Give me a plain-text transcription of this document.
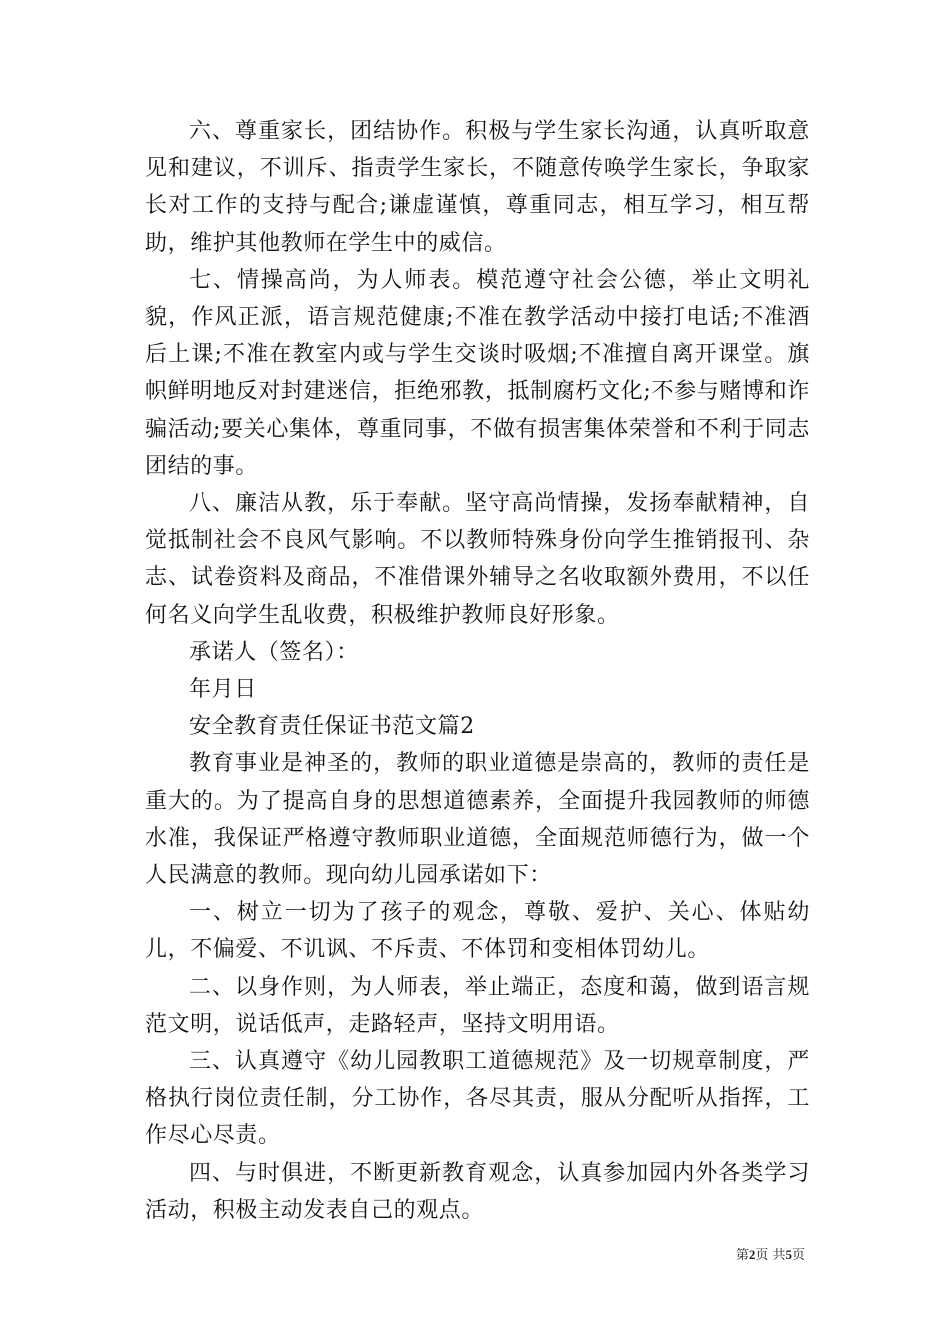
六、尊重家长，团结协作。积极与学生家长沟通，认真听取意见和建议，不训斥、指责学生家长，不随意传唤学生家长，争取家长对工作的支持与配合;谦虚谨慎，尊重同志，相互学习，相互帮助，维护其他教师在学生中的威信。

七、情操高尚，为人师表。模范遵守社会公德，举止文明礼貌，作风正派，语言规范健康;不准在教学活动中接打电话;不准酒后上课;不准在教室内或与学生交谈时吸烟;不准擅自离开课堂。旗帜鲜明地反对封建迷信，拒绝邪教，抵制腐朽文化;不参与赌博和诈骗活动;要关心集体，尊重同事，不做有损害集体荣誉和不利于同志团结的事。

八、廉洁从教，乐于奉献。坚守高尚情操，发扬奉献精神，自觉抵制社会不良风气影响。不以教师特殊身份向学生推销报刊、杂志、试卷资料及商品，不准借课外辅导之名收取额外费用，不以任何名义向学生乱收费，积极维护教师良好形象。

承诺人（签名）：

年月日

安全教育责任保证书范文篇2

教育事业是神圣的，教师的职业道德是崇高的，教师的责任是重大的。为了提高自身的思想道德素养，全面提升我园教师的师德水准，我保证严格遵守教师职业道德，全面规范师德行为，做一个人民满意的教师。现向幼儿园承诺如下：

一、树立一切为了孩子的观念，尊敬、爱护、关心、体贴幼儿，不偏爱、不讥讽、不斥责、不体罚和变相体罚幼儿。

二、以身作则，为人师表，举止端正，态度和蔼，做到语言规范文明，说话低声，走路轻声，坚持文明用语。

三、认真遵守《幼儿园教职工道德规范》及一切规章制度，严格执行岗位责任制，分工协作，各尽其责，服从分配听从指挥，工作尽心尽责。

四、与时俱进，不断更新教育观念，认真参加园内外各类学习活动，积极主动发表自己的观点。

第2页 共5页
